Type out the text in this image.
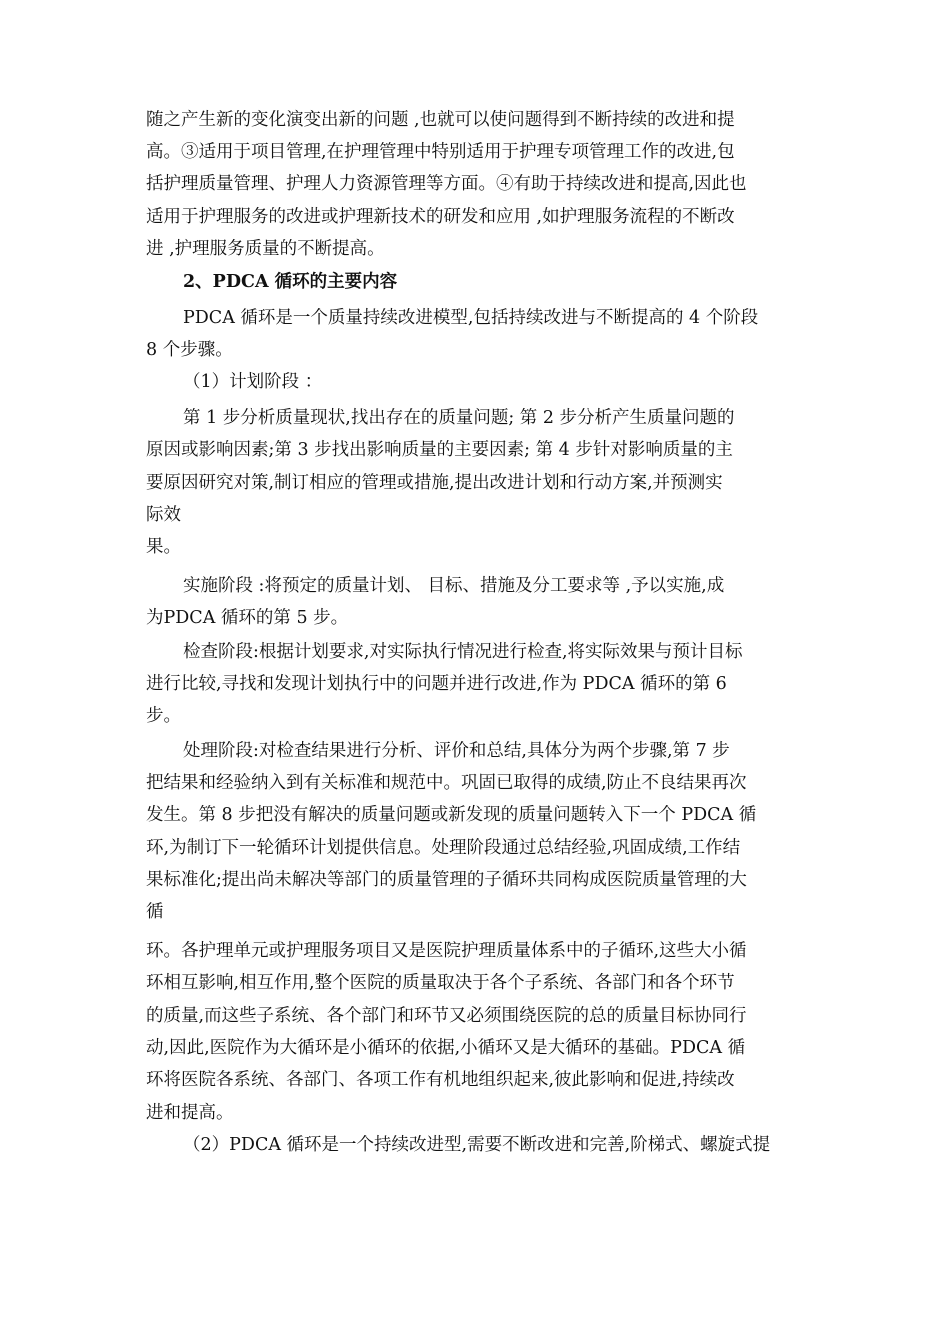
随之产生新的变化演变出新的问题 ,也就可以使问题得到不断持续的改进和提
高。③适用于项目管理,在护理管理中特别适用于护理专项管理工作的改进,包
括护理质量管理、护理人力资源管理等方面。④有助于持续改进和提高,因此也
适用于护理服务的改进或护理新技术的研发和应用 ,如护理服务流程的不断改
进 ,护理服务质量的不断提高。
2、PDCA 循环的主要内容
PDCA 循环是一个质量持续改进模型,包括持续改进与不断提高的 4 个阶段
8 个步骤。
（1）计划阶段 ：
第 1 步分析质量现状,找出存在的质量问题; 第 2 步分析产生质量问题的
原因或影响因素;第 3 步找出影响质量的主要因素; 第 4 步针对影响质量的主
要原因研究对策,制订相应的管理或措施,提出改进计划和行动方案,并预测实
际效
果。
实施阶段 :将预定的质量计划、 目标、措施及分工要求等 ,予以实施,成
为PDCA 循环的第 5 步。
检查阶段:根据计划要求,对实际执行情况进行检查,将实际效果与预计目标
进行比较,寻找和发现计划执行中的问题并进行改进,作为 PDCA 循环的第 6
步。
处理阶段:对检查结果进行分析、评价和总结,具体分为两个步骤,第 7 步
把结果和经验纳入到有关标准和规范中。巩固已取得的成绩,防止不良结果再次
发生。第 8 步把没有解决的质量问题或新发现的质量问题转入下一个 PDCA 循
环,为制订下一轮循环计划提供信息。处理阶段通过总结经验,巩固成绩,工作结
果标准化;提出尚未解决等部门的质量管理的子循环共同构成医院质量管理的大
循
环。各护理单元或护理服务项目又是医院护理质量体系中的子循环,这些大小循
环相互影响,相互作用,整个医院的质量取决于各个子系统、各部门和各个环节
的质量,而这些子系统、各个部门和环节又必须围绕医院的总的质量目标协同行
动,因此,医院作为大循环是小循环的依据,小循环又是大循环的基础。PDCA 循
环将医院各系统、各部门、各项工作有机地组织起来,彼此影响和促进,持续改
进和提高。
（2）PDCA 循环是一个持续改进型,需要不断改进和完善,阶梯式、螺旋式提
